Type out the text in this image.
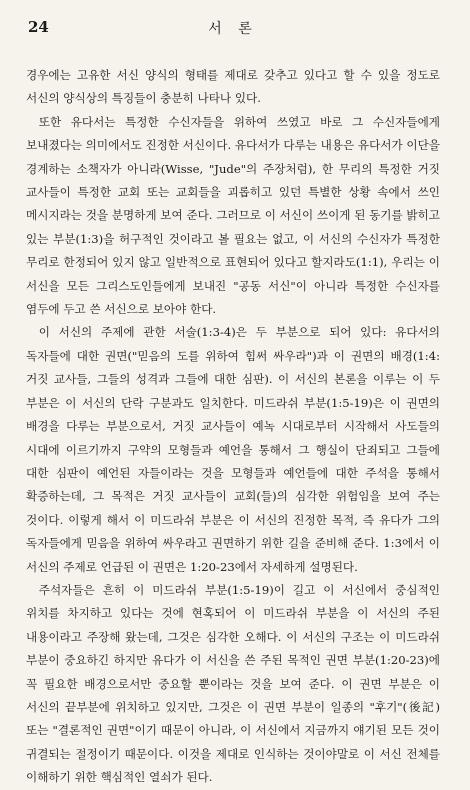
24	서 론

경우에는 고유한 서신 양식의 형태를 제대로 갖추고 있다고 할 수 있을 정도로 서신의 양식상의 특징들이 충분히 나타나 있다.

또한 유다서는 특정한 수신자들을 위하여 쓰였고 바로 그 수신자들에게 보내졌다는 의미에서도 진정한 서신이다. 유다서가 다루는 내용은 유다서가 이단을 경계하는 소책자가 아니라(Wisse, "Jude"의 주장처럼), 한 무리의 특정한 거짓 교사들이 특정한 교회 또는 교회들을 괴롭히고 있던 특별한 상황 속에서 쓰인 메시지라는 것을 분명하게 보여 준다. 그러므로 이 서신이 쓰이게 된 동기를 밝히고 있는 부분(1:3)을 허구적인 것이라고 볼 필요는 없고, 이 서신의 수신자가 특정한 무리로 한정되어 있지 않고 일반적으로 표현되어 있다고 할지라도(1:1), 우리는 이 서신을 모든 그리스도인들에게 보내진 "공동 서신"이 아니라 특정한 수신자를 염두에 두고 쓴 서신으로 보아야 한다.

이 서신의 주제에 관한 서술(1:3-4)은 두 부분으로 되어 있다: 유다서의 독자들에 대한 권면("믿음의 도를 위하여 힘써 싸우라")과 이 권면의 배경(1:4: 거짓 교사들, 그들의 성격과 그들에 대한 심판). 이 서신의 본론을 이루는 이 두 부분은 이 서신의 단락 구분과도 일치한다. 미드라쉬 부분(1:5-19)은 이 권면의 배경을 다루는 부분으로서, 거짓 교사들이 예녹 시대로부터 시작해서 사도들의 시대에 이르기까지 구약의 모형들과 예언을 통해서 그 행실이 단죄되고 그들에 대한 심판이 예언된 자들이라는 것을 모형들과 예언들에 대한 주석을 통해서 확증하는데, 그 목적은 거짓 교사들이 교회(들)의 심각한 위험임을 보여 주는 것이다. 이렇게 해서 이 미드라쉬 부분은 이 서신의 진정한 목적, 즉 유다가 그의 독자들에게 믿음을 위하여 싸우라고 권면하기 위한 길을 준비해 준다. 1:3에서 이 서신의 주제로 언급된 이 권면은 1:20-23에서 자세하게 설명된다.

주석자들은 흔히 이 미드라쉬 부분(1:5-19)이 길고 이 서신에서 중심적인 위치를 차지하고 있다는 것에 현혹되어 이 미드라쉬 부분을 이 서신의 주된 내용이라고 주장해 왔는데, 그것은 심각한 오해다. 이 서신의 구조는 이 미드라쉬 부분이 중요하긴 하지만 유다가 이 서신을 쓴 주된 목적인 권면 부분(1:20-23)에 꼭 필요한 배경으로서만 중요할 뿐이라는 것을 보여 준다. 이 권면 부분은 이 서신의 끝부분에 위치하고 있지만, 그것은 이 권면 부분이 일종의 "후기"(後記) 또는 "결론적인 권면"이기 때문이 아니라, 이 서신에서 지금까지 얘기된 모든 것이 귀결되는 절정이기 때문이다. 이것을 제대로 인식하는 것이야말로 이 서신 전체를 이해하기 위한 핵심적인 열쇠가 된다.
